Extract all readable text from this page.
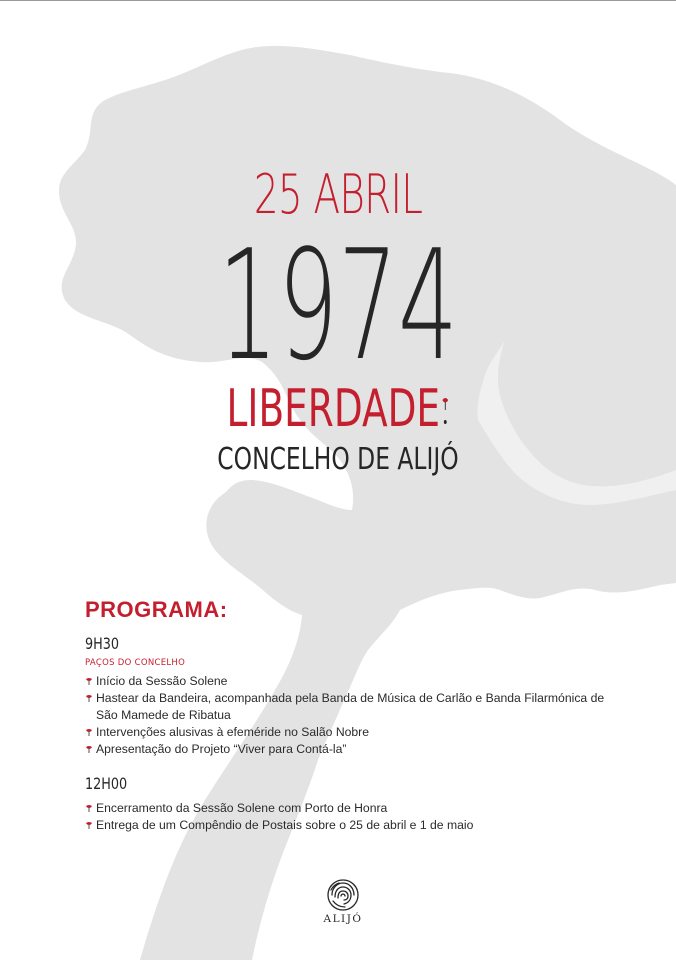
25 ABRIL
1974
LIBERDADE
CONCELHO DE ALIJÓ
PROGRAMA:
9H30
PAÇOS DO CONCELHO
Início da Sessão Solene
Hastear da Bandeira, acompanhada pela Banda de Música de Carlão e Banda Filarmónica de São Mamede de Ribatua
Intervenções alusivas à efeméride no Salão Nobre
Apresentação do Projeto “Viver para Contá-la”
12H00
Encerramento da Sessão Solene com Porto de Honra
Entrega de um Compêndio de Postais sobre o 25 de abril e 1 de maio
ALIJÓ
